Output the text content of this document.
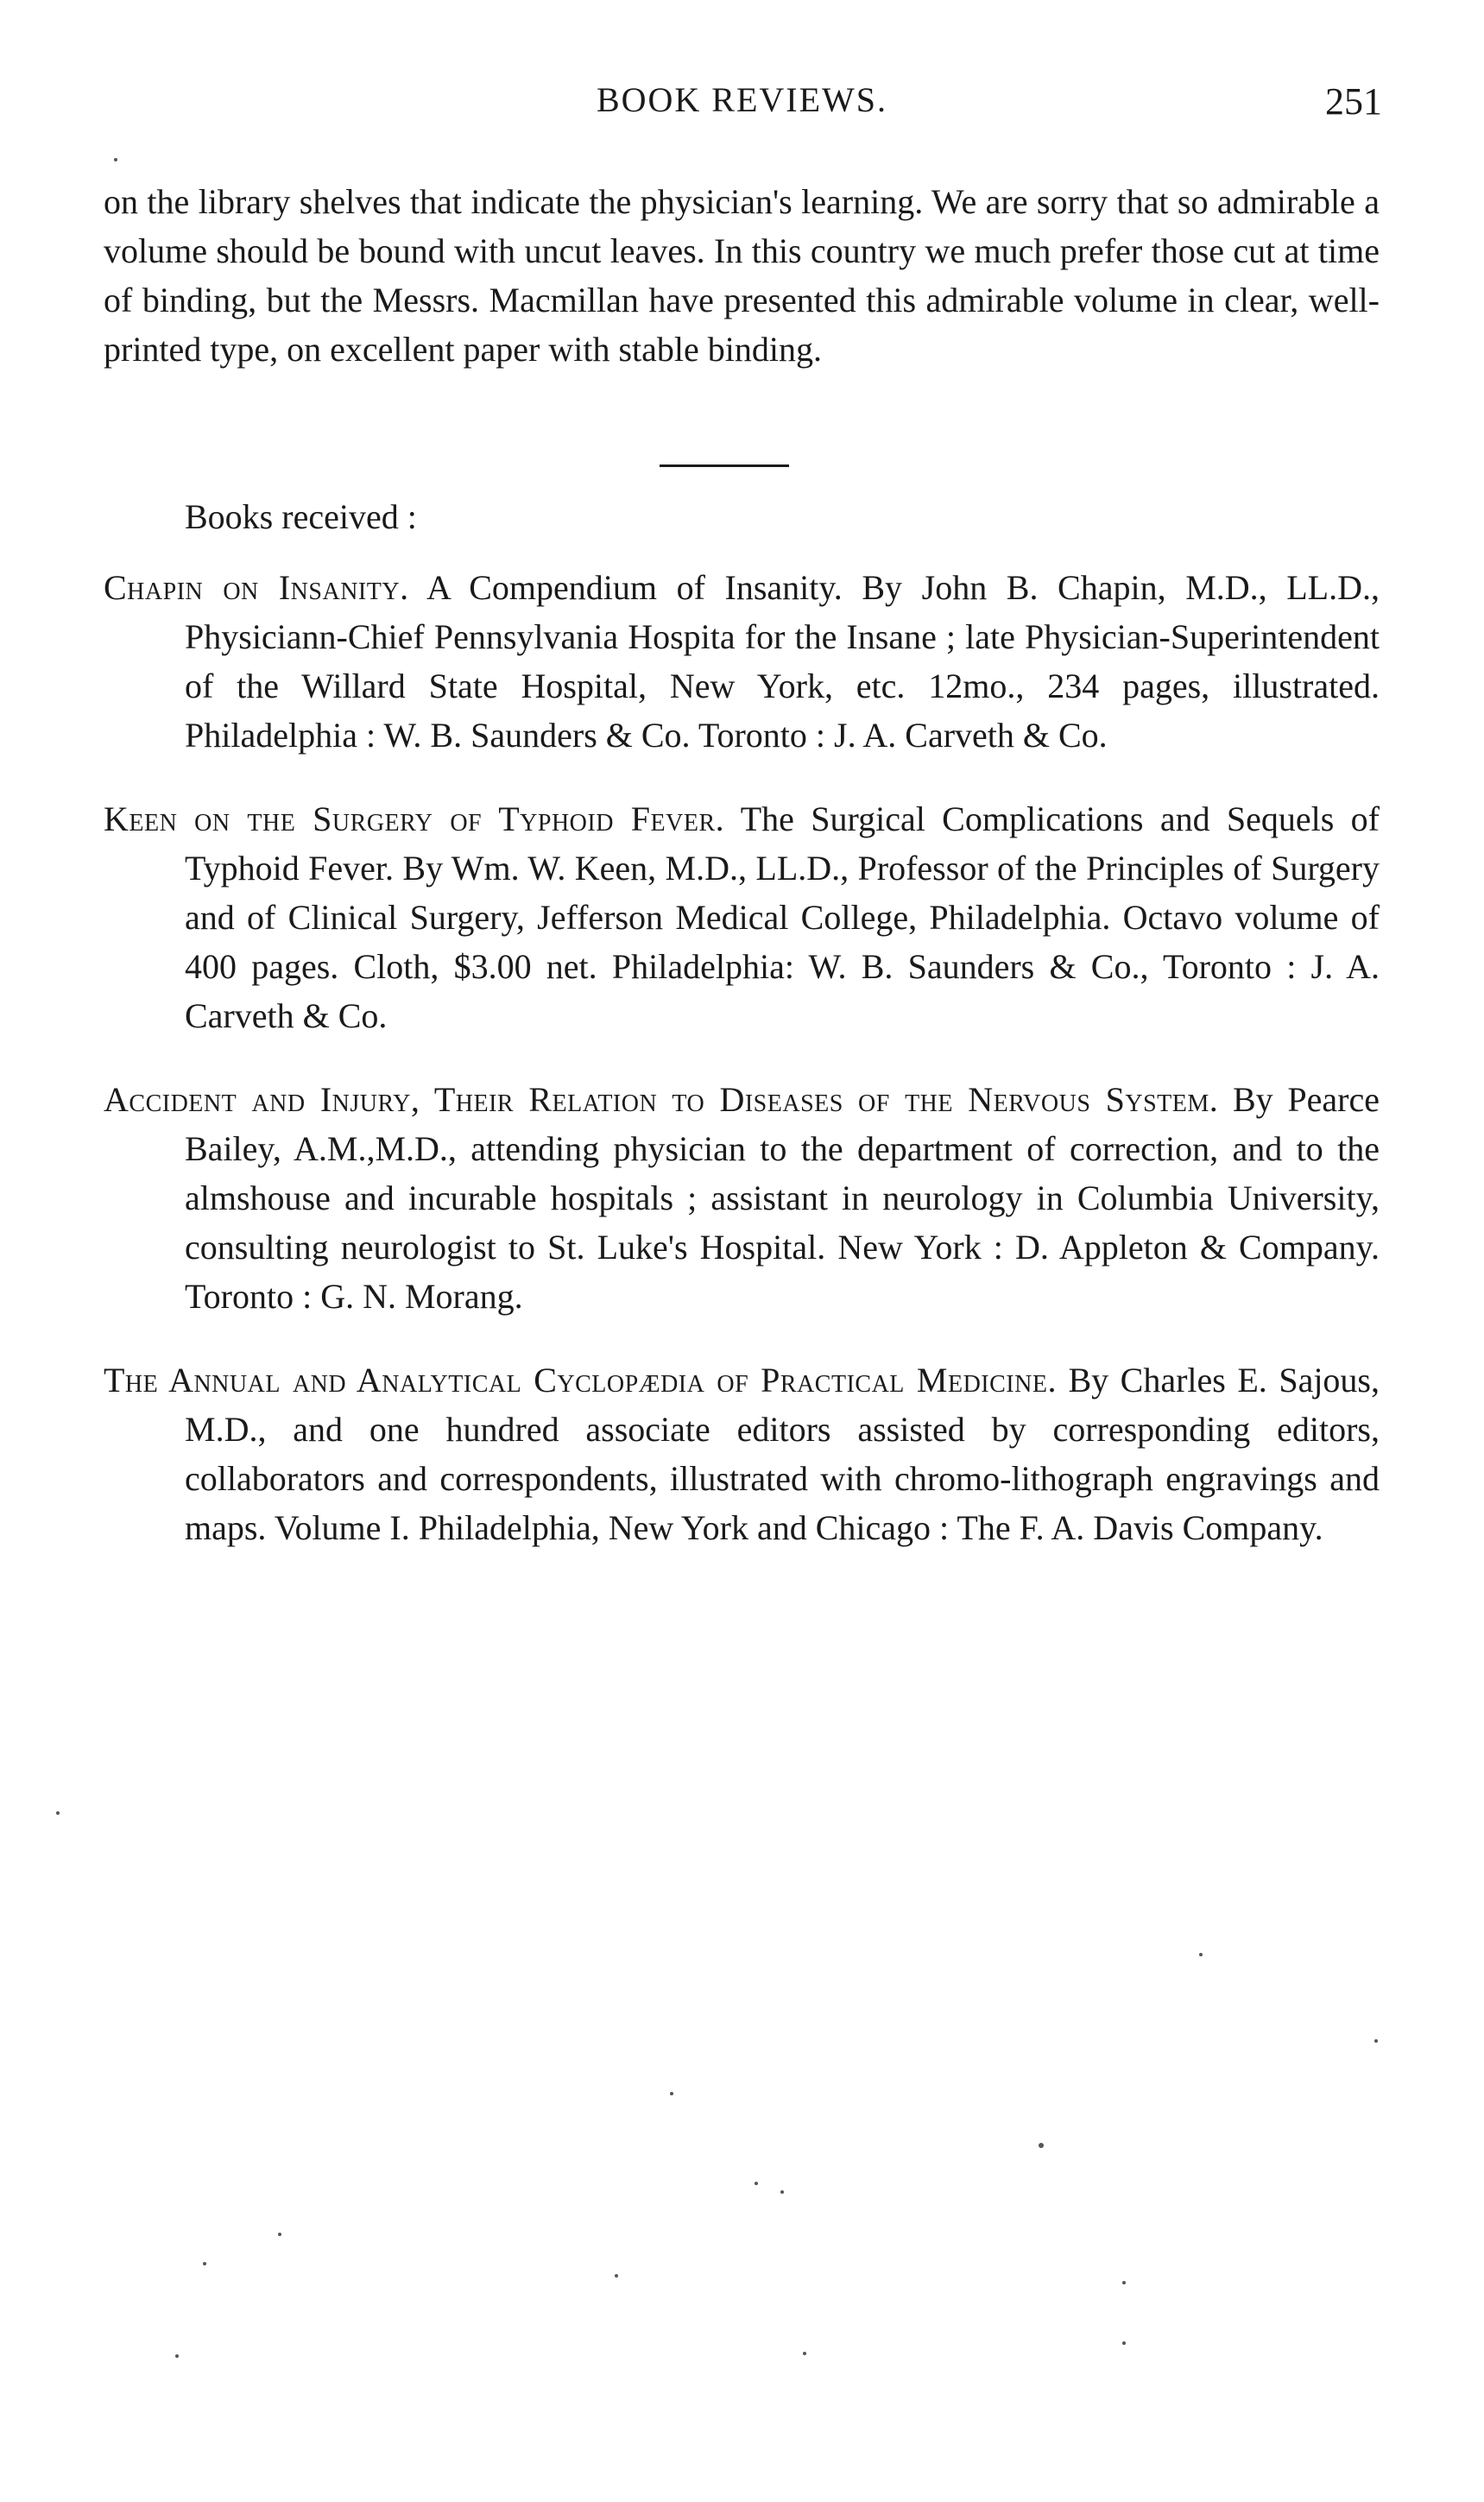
BOOK REVIEWS.	251

on the library shelves that indicate the physician's learning. We are sorry that so admirable a volume should be bound with uncut leaves. In this country we much prefer those cut at time of binding, but the Messrs. Macmillan have presented this admirable volume in clear, well-printed type, on excellent paper with stable binding.

Books received :

Chapin on Insanity. A Compendium of Insanity. By John B. Chapin, M.D., LL.D., Physiciann-Chief Pennsylvania Hospita for the Insane ; late Physician-Superintendent of the Willard State Hospital, New York, etc. 12mo., 234 pages, illustrated. Philadelphia : W. B. Saunders & Co. Toronto : J. A. Carveth & Co.

Keen on the Surgery of Typhoid Fever. The Surgical Complications and Sequels of Typhoid Fever. By Wm. W. Keen, M.D., LL.D., Professor of the Principles of Surgery and of Clinical Surgery, Jefferson Medical College, Philadelphia. Octavo volume of 400 pages. Cloth, $3.00 net. Philadelphia: W. B. Saunders & Co., Toronto : J. A. Carveth & Co.

Accident and Injury, Their Relation to Diseases of the Nervous System. By Pearce Bailey, A.M.,M.D., attending physician to the department of correction, and to the almshouse and incurable hospitals ; assistant in neurology in Columbia University, consulting neurologist to St. Luke's Hospital. New York : D. Appleton & Company. Toronto : G. N. Morang.

The Annual and Analytical Cyclopædia of Practical Medicine. By Charles E. Sajous, M.D., and one hundred associate editors assisted by corresponding editors, collaborators and correspondents, illustrated with chromo-lithograph engravings and maps. Volume I. Philadelphia, New York and Chicago : The F. A. Davis Company.
